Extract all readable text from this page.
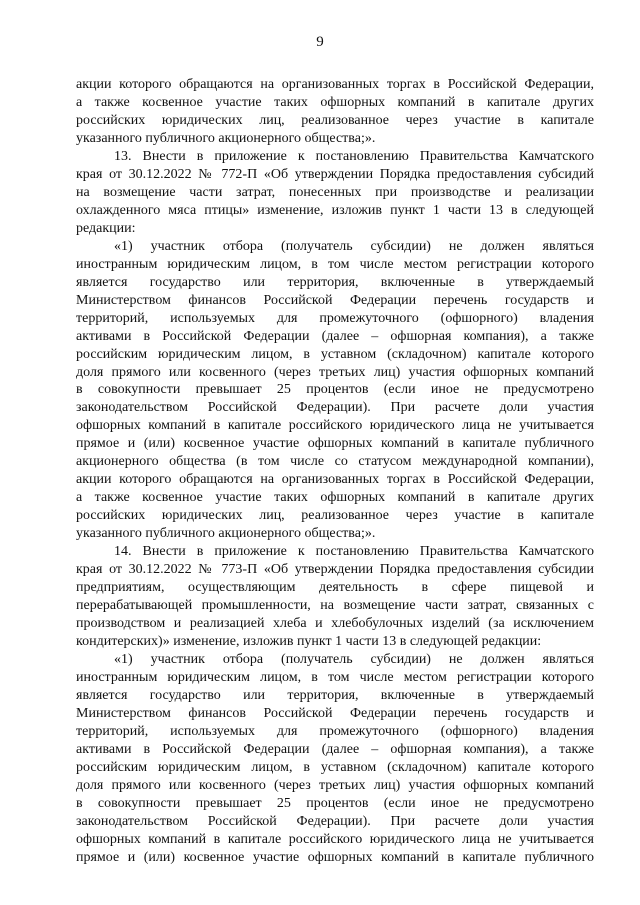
9
акции которого обращаются на организованных торгах в Российской Федерации,
а также косвенное участие таких офшорных компаний в капитале других
российских юридических лиц, реализованное через участие в капитале
указанного публичного акционерного общества;».
13. Внести в приложение к постановлению Правительства Камчатского
края от 30.12.2022 № 772-П «Об утверждении Порядка предоставления субсидий
на возмещение части затрат, понесенных при производстве и реализации
охлажденного мяса птицы» изменение, изложив пункт 1 части 13 в следующей
редакции:
«1) участник отбора (получатель субсидии) не должен являться
иностранным юридическим лицом, в том числе местом регистрации которого
является государство или территория, включенные в утверждаемый
Министерством финансов Российской Федерации перечень государств и
территорий, используемых для промежуточного (офшорного) владения
активами в Российской Федерации (далее – офшорная компания), а также
российским юридическим лицом, в уставном (складочном) капитале которого
доля прямого или косвенного (через третьих лиц) участия офшорных компаний
в совокупности превышает 25 процентов (если иное не предусмотрено
законодательством Российской Федерации). При расчете доли участия
офшорных компаний в капитале российского юридического лица не учитывается
прямое и (или) косвенное участие офшорных компаний в капитале публичного
акционерного общества (в том числе со статусом международной компании),
акции которого обращаются на организованных торгах в Российской Федерации,
а также косвенное участие таких офшорных компаний в капитале других
российских юридических лиц, реализованное через участие в капитале
указанного публичного акционерного общества;».
14. Внести в приложение к постановлению Правительства Камчатского
края от 30.12.2022 № 773-П «Об утверждении Порядка предоставления субсидии
предприятиям, осуществляющим деятельность в сфере пищевой и
перерабатывающей промышленности, на возмещение части затрат, связанных с
производством и реализацией хлеба и хлебобулочных изделий (за исключением
кондитерских)» изменение, изложив пункт 1 части 13 в следующей редакции:
«1) участник отбора (получатель субсидии) не должен являться
иностранным юридическим лицом, в том числе местом регистрации которого
является государство или территория, включенные в утверждаемый
Министерством финансов Российской Федерации перечень государств и
территорий, используемых для промежуточного (офшорного) владения
активами в Российской Федерации (далее – офшорная компания), а также
российским юридическим лицом, в уставном (складочном) капитале которого
доля прямого или косвенного (через третьих лиц) участия офшорных компаний
в совокупности превышает 25 процентов (если иное не предусмотрено
законодательством Российской Федерации). При расчете доли участия
офшорных компаний в капитале российского юридического лица не учитывается
прямое и (или) косвенное участие офшорных компаний в капитале публичного
